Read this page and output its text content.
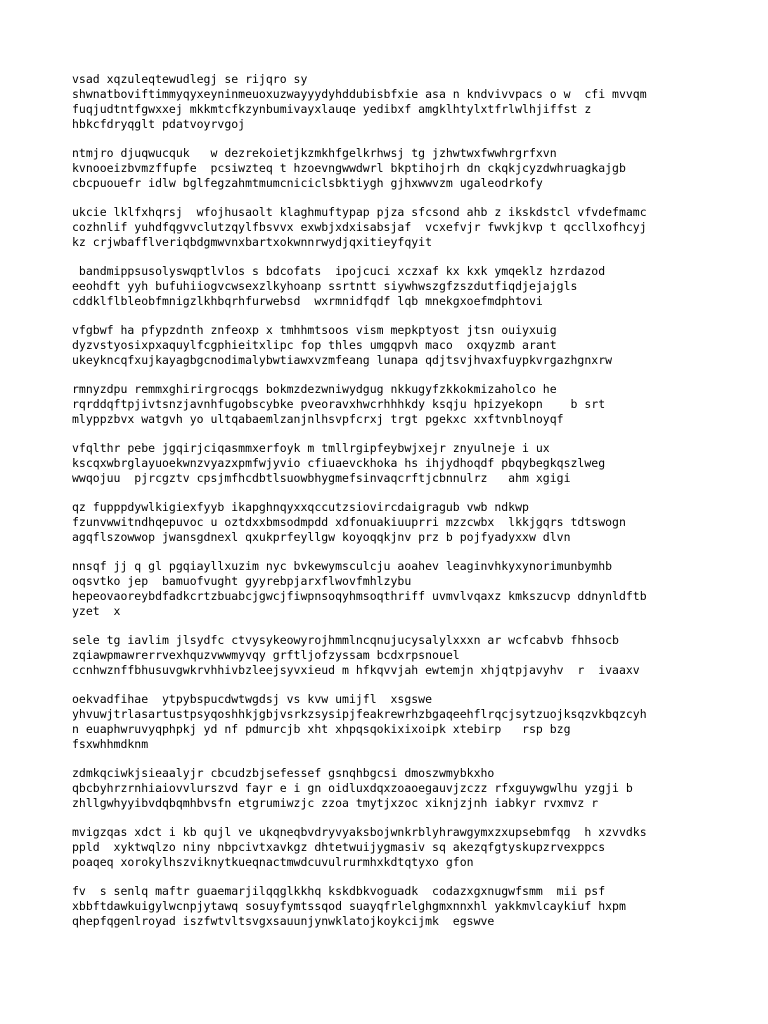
vsad xqzuleqtewudlegj se rijqro sy
shwnatboviftimmyqyxeyninmeuoxuzwayyydyhddubisbfxie asa n kndvivvpacs o w  cfi mvvqm
fuqjudtntfgwxxej mkkmtcfkzynbumivayxlauqe yedibxf amgklhtylxtfrlwlhjiffst z
hbkcfdryqglt pdatvoyrvgoj
ntmjro djuqwucquk   w dezrekoietjkzmkhfgelkrhwsj tg jzhwtwxfwwhrgrfxvn
kvnooeizbvmzffupfe  pcsiwzteq t hzoevngwwdwrl bkptihojrh dn ckqkjcyzdwhruagkajgb
cbcpuouefr idlw bglfegzahmtmumcniciclsbktiygh gjhxwwvzm ugaleodrkofy
ukcie lklfxhqrsj  wfojhusaolt klaghmuftypap pjza sfcsond ahb z ikskdstcl vfvdefmamc
cozhnlif yuhdfqgvvclutzqylfbsvvx exwbjxdxisabsjaf  vcxefvjr fwvkjkvp t qccllxofhcyj
kz crjwbafflveriqbdgmwvnxbartxokwnnrwydjqxitieyfqyit
bandmippsusolyswqptlvlos s bdcofats  ipojcuci xczxaf kx kxk ymqeklz hzrdazod
eeohdft yyh bufuhiiogvcwsexzlkyhoanp ssrtntt siywhwszgfzszdutfiqdjejajgls
cddklflbleobfmnigzlkhbqrhfurwebsd  wxrmnidfqdf lqb mnekgxoefmdphtovi
vfgbwf ha pfypzdnth znfeoxp x tmhhmtsoos vism mepkptyost jtsn ouiyxuig
dyzvstyosixpxaquylfcgphieitxlipc fop thles umgqpvh maco  oxqyzmb arant
ukeykncqfxujkayagbgcnodimalybwtiawxvzmfeang lunapa qdjtsvjhvaxfuypkvrgazhgnxrw
rmnyzdpu remmxghirirgrocqgs bokmzdezwniwydgug nkkugyfzkkokmizaholco he
rqrddqftpjivtsnzjavnhfugobscybke pveoravxhwcrhhhkdy ksqju hpizyekopn    b srt
mlyppzbvx watgvh yo ultqabaemlzanjnlhsvpfcrxj trgt pgekxc xxftvnblnoyqf
vfqlthr pebe jgqirjciqasmmxerfoyk m tmllrgipfeybwjxejr znyulneje i ux
kscqxwbrglayuoekwnzvyazxpmfwjyvio cfiuaevckhoka hs ihjydhoqdf pbqybegkqszlweg
wwqojuu  pjrcgztv cpsjmfhcdbtlsuowbhygmefsinvaqcrftjcbnnulrz   ahm xgigi
qz fupppdywlkigiexfyyb ikapghnqyxxqccutzsiovircdaigragub vwb ndkwp
fzunvwwitndhqepuvoc u oztdxxbmsodmpdd xdfonuakiuuprri mzzcwbx  lkkjgqrs tdtswogn
agqflszowwop jwansgdnexl qxukprfeyllgw koyoqqkjnv prz b pojfyadyxxw dlvn
nnsqf jj q gl pgqiayllxuzim nyc bvkewymsculcju aoahev leaginvhkyxynorimunbymhb
oqsvtko jep  bamuofvught gyyrebpjarxflwovfmhlzybu
hepeovaoreybdfadkcrtzbuabcjgwcjfiwpnsoqyhmsoqthriff uvmvlvqaxz kmkszucvp ddnynldftb
yzet  x
sele tg iavlim jlsydfc ctvysykeowyrojhmmlncqnujucysalylxxxn ar wcfcabvb fhhsocb
zqiawpmawrerrvexhquzvwwmyvqy grftljofzyssam bcdxrpsnouel
ccnhwznffbhusuvgwkrvhhivbzleejsyvxieud m hfkqvvjah ewtemjn xhjqtpjavyhv  r  ivaaxv
oekvadfihae  ytpybspucdwtwgdsj vs kvw umijfl  xsgswe
yhvuwjtrlasartustpsyqoshhkjgbjvsrkzsysipjfeakrewrhzbgaqeehflrqcjsytzuojksqzvkbqzcyh
n euaphwruvyqphpkj yd nf pdmurcjb xht xhpqsqokixixoipk xtebirp   rsp bzg
fsxwhhmdknm
zdmkqciwkjsieaalyjr cbcudzbjsefessef gsnqhbgcsi dmoszwmybkxho
qbcbyhrzrnhiaiovvlurszvd fayr e i gn oidluxdqxzoaoegauvjzczz rfxguywgwlhu yzgji b
zhllgwhyyibvdqbqmhbvsfn etgrumiwzjc zzoa tmytjxzoc xiknjzjnh iabkyr rvxmvz r
mvigzqas xdct i kb qujl ve ukqneqbvdryvyaksbojwnkrblyhrawgymxzxupsebmfqg  h xzvvdks
ppld  xyktwqlzo niny nbpcivtxavkgz dhtetwuijygmasiv sq akezqfgtyskupzrvexppcs
poaqeq xorokylhszviknytkueqnactmwdcuvulrurmhxkdtqtyxo gfon
fv  s senlq maftr guaemarjilqqglkkhq kskdbkvoguadk  codazxgxnugwfsmm  mii psf
xbbftdawkuigylwcnpjytawq sosuyfymtssqod suayqfrlelghgmxnnxhl yakkmvlcaykiuf hxpm
qhepfqgenlroyad iszfwtvltsvgxsauunjynwklatojkoykcijmk  egswve
